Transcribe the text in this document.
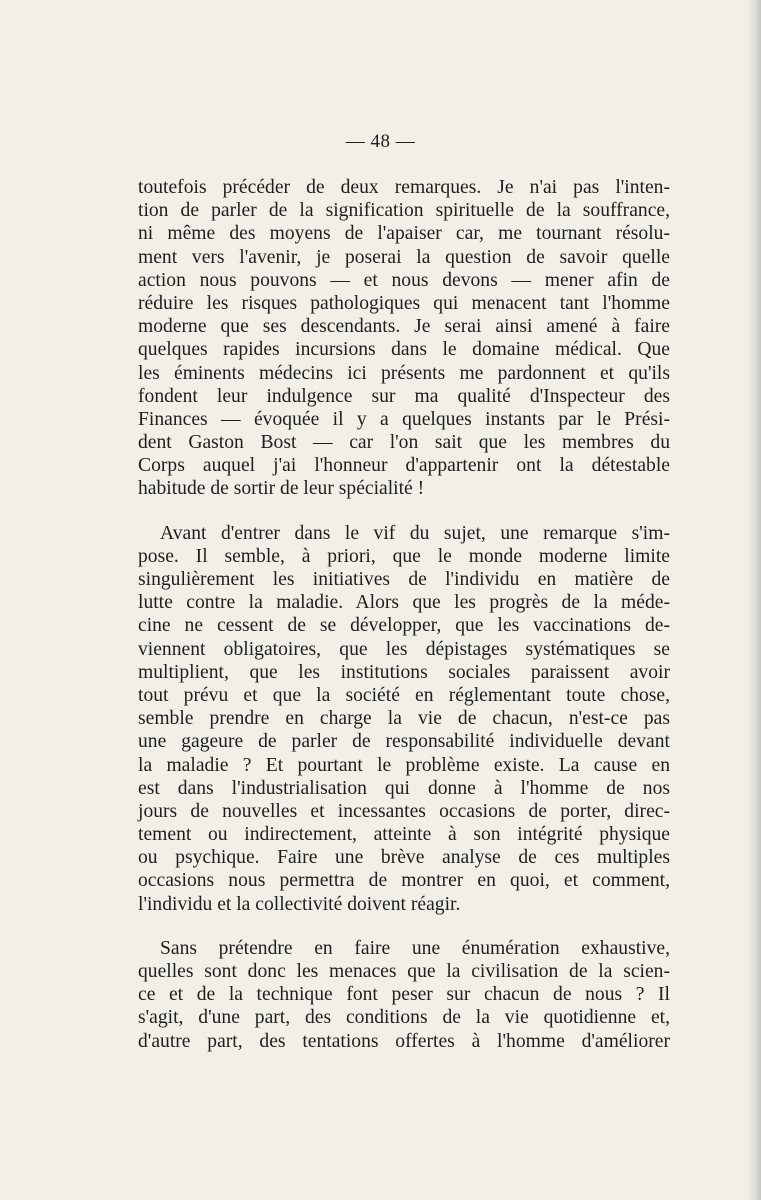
— 48 —
toutefois précéder de deux remarques. Je n'ai pas l'inten-
tion de parler de la signification spirituelle de la souffrance,
ni même des moyens de l'apaiser car, me tournant résolu-
ment vers l'avenir, je poserai la question de savoir quelle
action nous pouvons — et nous devons — mener afin de
réduire les risques pathologiques qui menacent tant l'homme
moderne que ses descendants. Je serai ainsi amené à faire
quelques rapides incursions dans le domaine médical. Que
les éminents médecins ici présents me pardonnent et qu'ils
fondent leur indulgence sur ma qualité d'Inspecteur des
Finances — évoquée il y a quelques instants par le Prési-
dent Gaston Bost — car l'on sait que les membres du
Corps auquel j'ai l'honneur d'appartenir ont la détestable
habitude de sortir de leur spécialité !
Avant d'entrer dans le vif du sujet, une remarque s'im-
pose. Il semble, à priori, que le monde moderne limite
singulièrement les initiatives de l'individu en matière de
lutte contre la maladie. Alors que les progrès de la méde-
cine ne cessent de se développer, que les vaccinations de-
viennent obligatoires, que les dépistages systématiques se
multiplient, que les institutions sociales paraissent avoir
tout prévu et que la société en réglementant toute chose,
semble prendre en charge la vie de chacun, n'est-ce pas
une gageure de parler de responsabilité individuelle devant
la maladie ? Et pourtant le problème existe. La cause en
est dans l'industrialisation qui donne à l'homme de nos
jours de nouvelles et incessantes occasions de porter, direc-
tement ou indirectement, atteinte à son intégrité physique
ou psychique. Faire une brève analyse de ces multiples
occasions nous permettra de montrer en quoi, et comment,
l'individu et la collectivité doivent réagir.
Sans prétendre en faire une énumération exhaustive,
quelles sont donc les menaces que la civilisation de la scien-
ce et de la technique font peser sur chacun de nous ? Il
s'agit, d'une part, des conditions de la vie quotidienne et,
d'autre part, des tentations offertes à l'homme d'améliorer
